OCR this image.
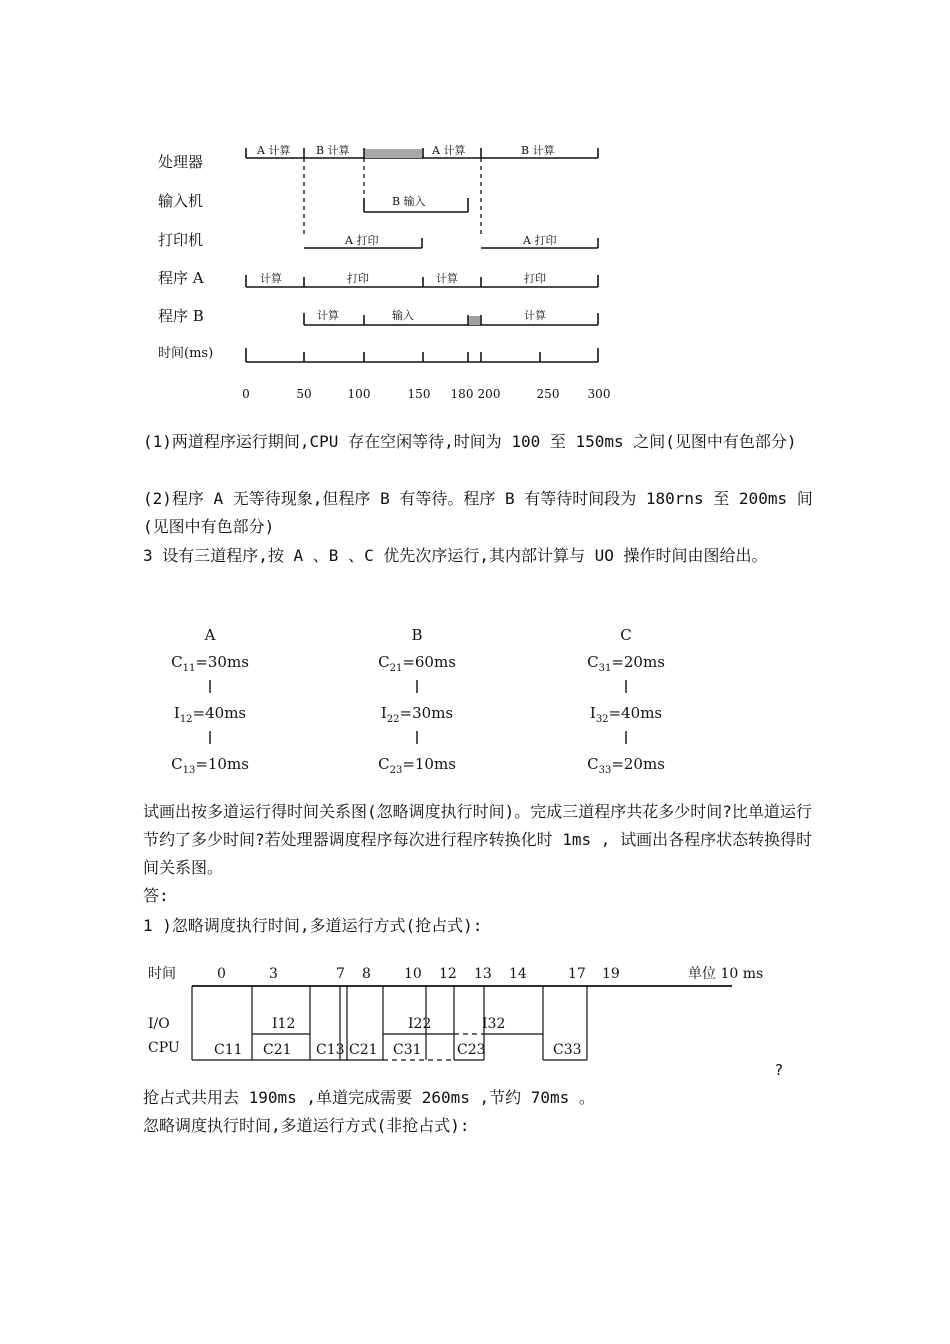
处理器
输入机
打印机
程序 A
程序 B
时间(ms)
A 计算 B 计算	A 计算	B 计算
B 输入
A 打印	A 打印
计算	打印	计算	打印
计算	输入	计算
0	50	100	150 180 200	250 300

(1)两道程序运行期间,CPU 存在空闲等待,时间为 100 至 150ms 之间(见图中有色部分)

(2)程序 A 无等待现象,但程序 B 有等待。程序 B 有等待时间段为 180rns 至 200ms 间(见图中有色部分)

3 设有三道程序,按 A 、B 、C 优先次序运行,其内部计算与 UO 操作时间由图给出。

A
$C_{11}=30ms$
$I_{12}=40ms$
$C_{13}=10ms$
B
$C_{21}=60ms$
$I_{22}=30ms$
$C_{23}=10ms$
C
$C_{31}=20ms$
$I_{32}=40ms$
$C_{33}=20ms$

试画出按多道运行得时间关系图(忽略调度执行时间)。完成三道程序共花多少时间?比单道运行节约了多少时间?若处理器调度程序每次进行程序转换化时 1ms , 试画出各程序状态转换得时间关系图。

答:

1 )忽略调度执行时间,多道运行方式(抢占式):

时间	0	3	7 8 10 12 13 14	17 19	单位 10 ms
I/O
CPU
I12	I22	I32
C11 C21 C13 C21 C31	C23	C33
?

抢占式共用去 190ms ,单道完成需要 260ms ,节约 70ms 。

忽略调度执行时间,多道运行方式(非抢占式):
